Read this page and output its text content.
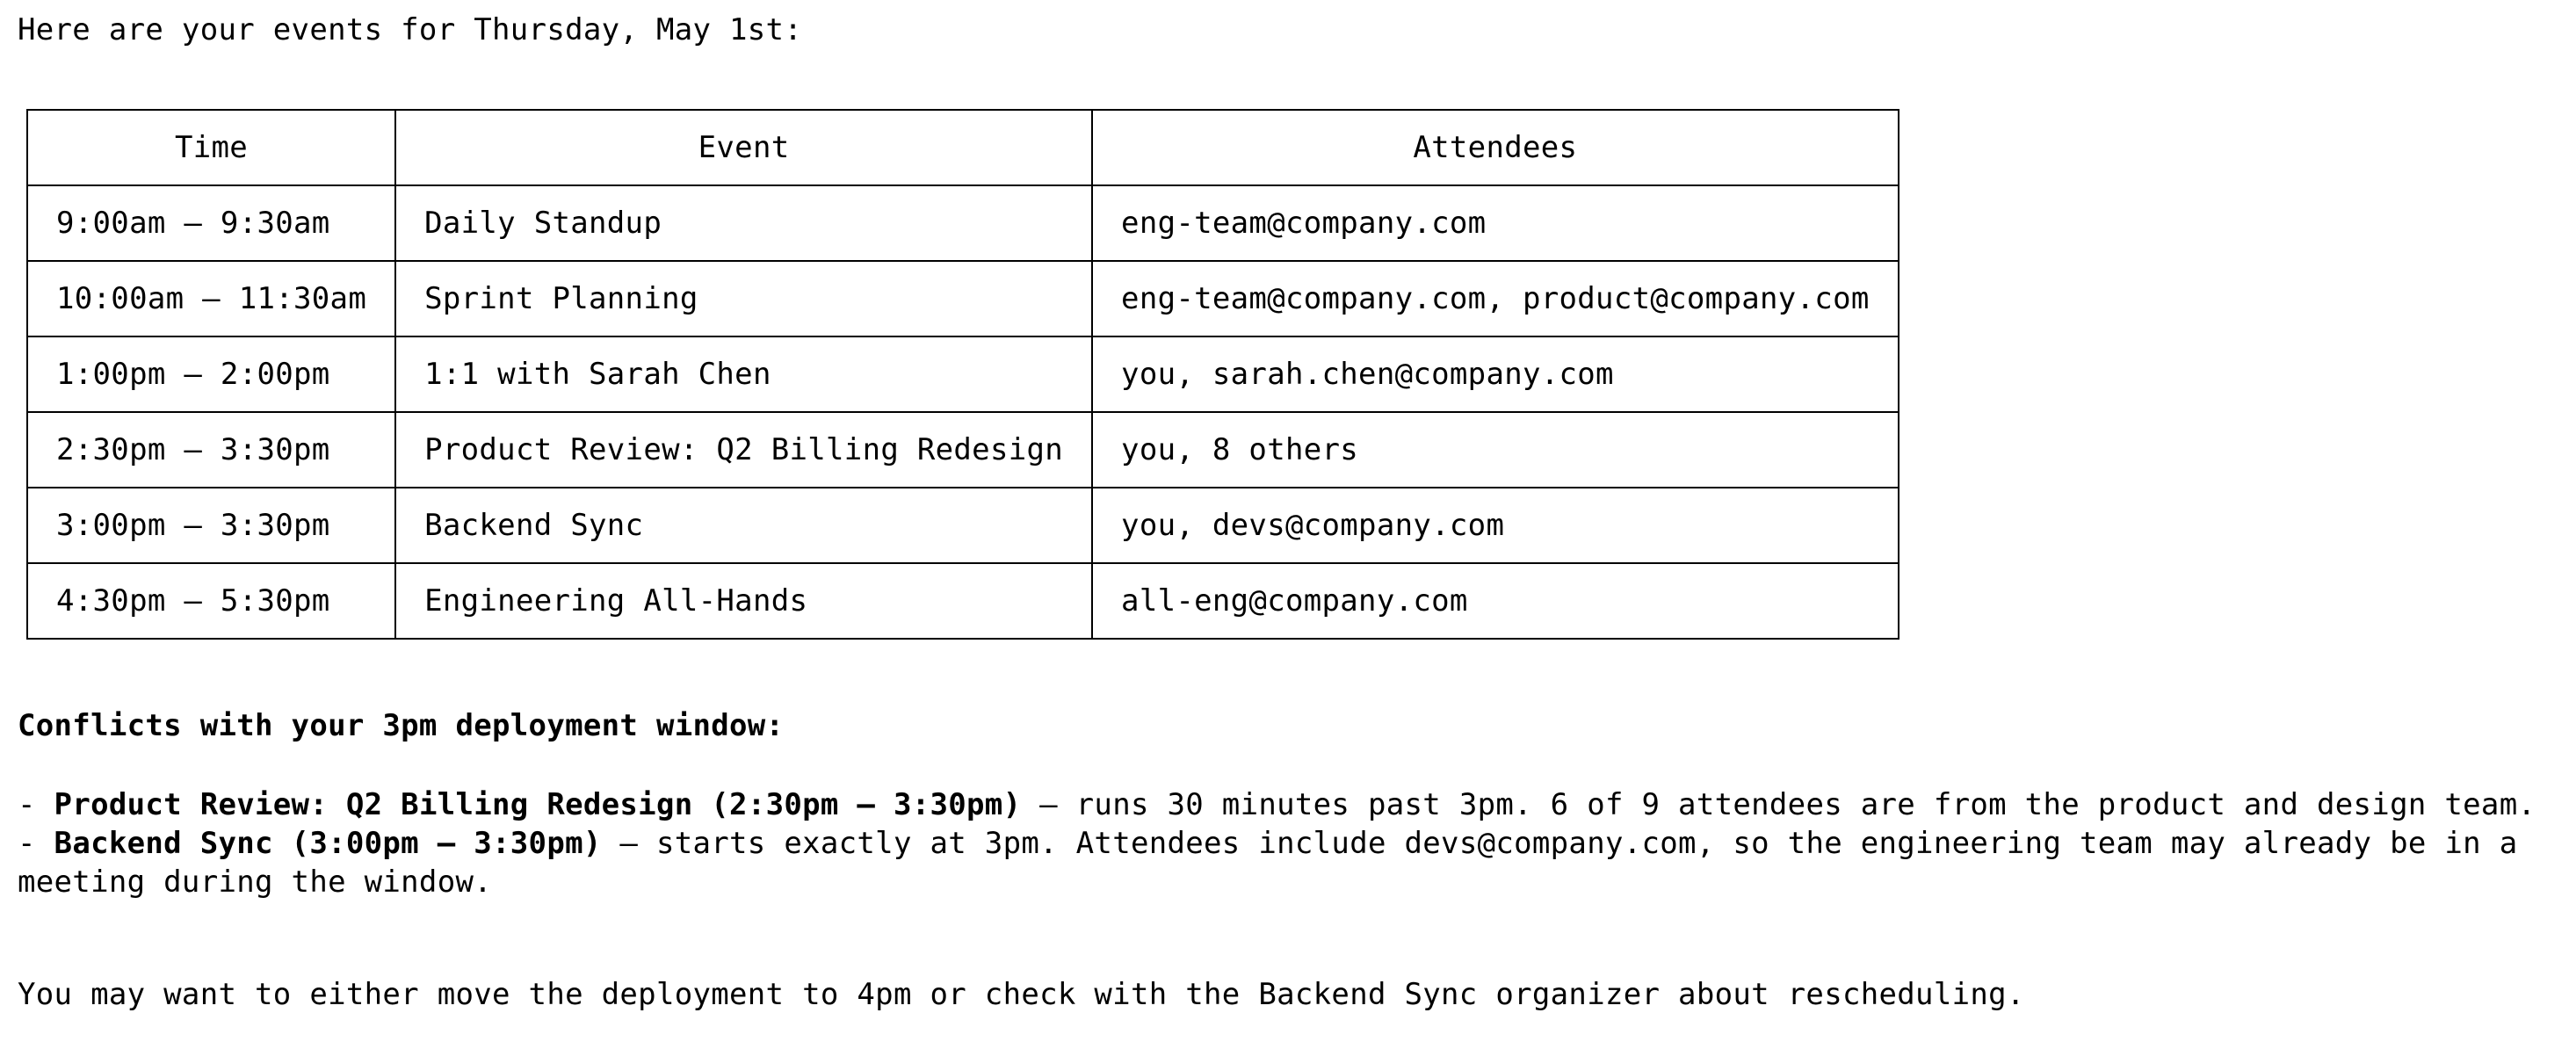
Here are your events for Thursday, May 1st:
Time	Event	Attendees
9:00am – 9:30am	Daily Standup	eng-team@company.com
10:00am – 11:30am	Sprint Planning	eng-team@company.com, product@company.com
1:00pm – 2:00pm	1:1 with Sarah Chen	you, sarah.chen@company.com
2:30pm – 3:30pm	Product Review: Q2 Billing Redesign	you, 8 others
3:00pm – 3:30pm	Backend Sync	you, devs@company.com
4:30pm – 5:30pm	Engineering All-Hands	all-eng@company.com
Conflicts with your 3pm deployment window:

- Product Review: Q2 Billing Redesign (2:30pm – 3:30pm) — runs 30 minutes past 3pm. 6 of 9 attendees are from the product and design team.

- Backend Sync (3:00pm – 3:30pm) — starts exactly at 3pm. Attendees include devs@company.com, so the engineering team may already be in a meeting during the window.

You may want to either move the deployment to 4pm or check with the Backend Sync organizer about rescheduling.
